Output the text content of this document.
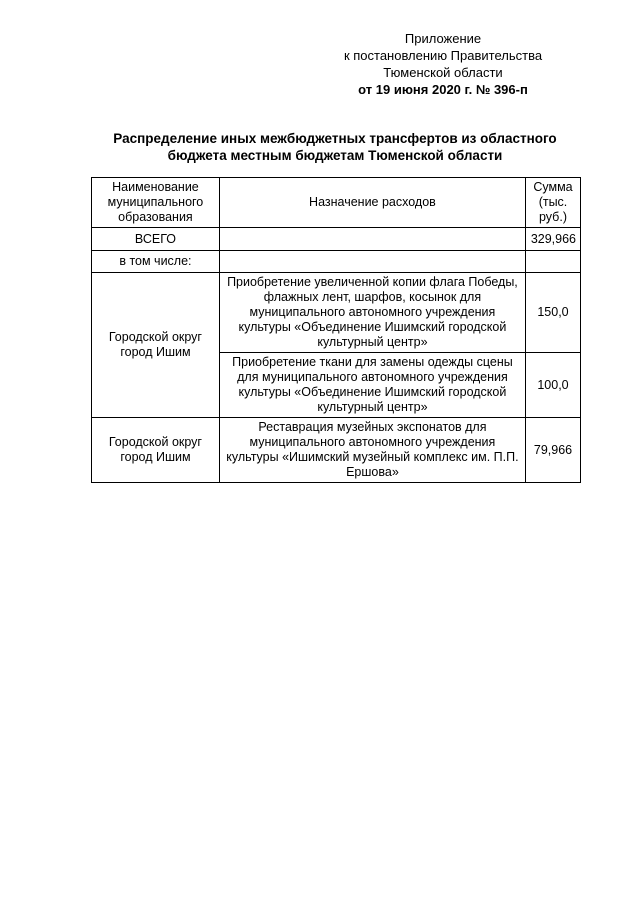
Приложение
к постановлению Правительства
Тюменской области
от 19 июня 2020 г. № 396-п
Распределение иных межбюджетных трансфертов из областного
бюджета местным бюджетам Тюменской области
Наименование муниципального образования	Назначение расходов	Сумма (тыс. руб.)
ВСЕГО		329,966
в том числе:		
Городской округ город Ишим	Приобретение увеличенной копии флага Победы, флажных лент, шарфов, косынок для муниципального автономного учреждения культуры «Объединение Ишимский городской культурный центр»	150,0
	Приобретение ткани для замены одежды сцены для муниципального автономного учреждения культуры «Объединение Ишимский городской культурный центр»	100,0
Городской округ город Ишим	Реставрация музейных экспонатов для муниципального автономного учреждения культуры «Ишимский музейный комплекс им. П.П. Ершова»	79,966
